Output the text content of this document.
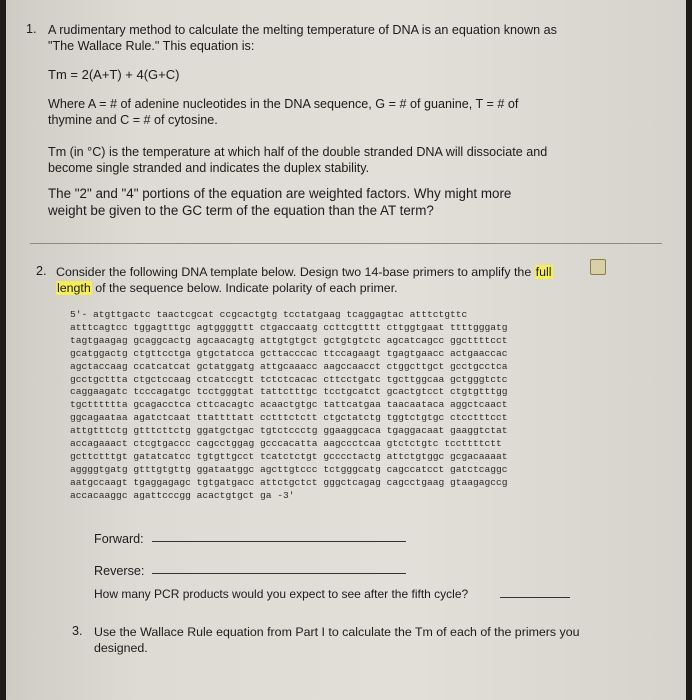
1. A rudimentary method to calculate the melting temperature of DNA is an equation known as
"The Wallace Rule." This equation is:
Tm = 2(A+T) + 4(G+C)
Where A = # of adenine nucleotides in the DNA sequence, G = # of guanine, T = # of
thymine and C = # of cytosine.
Tm (in °C) is the temperature at which half of the double stranded DNA will dissociate and
become single stranded and indicates the duplex stability.
The "2" and "4" portions of the equation are weighted factors. Why might more
weight be given to the GC term of the equation than the AT term?
2. Consider the following DNA template below. Design two 14-base primers to amplify the full
length of the sequence below. Indicate polarity of each primer.
5'- atgttgactc taactcgcat ccgcactgtg tcctatgaag tcaggagtac atttctgttc
atttcagtcc tggagtttgc agtggggttt ctgaccaatg ccttcgtttt cttggtgaat ttttgggatg
tagtgaagag gcaggcactg agcaacagtg attgtgtgct gctgtgtctc agcatcagcc ggcttttcct
gcatggactg ctgttcctga gtgctatcca gcttacccac ttccagaagt tgagtgaacc actgaaccac
agctaccaag ccatcatcat gctatggatg attgcaaacc aagccaacct ctggcttgct gcctgcctca
gcctgcttta ctgctccaag ctcatccgtt tctctcacac cttcctgatc tgcttggcaa gctgggtctc
caggaagatc tcccagatgc tcctgggtat tattctttgc tcctgcatct gcactgtcct ctgtgtttgg
tgctttttta gcagacctca cttcacagtc acaactgtgc tattcatgaa taacaataca aggctcaact
ggcagaataa agatctcaat ttattttatt cctttctctt ctgctatctg tggtctgtgc ctcctttcct
attgtttctg gtttcttctg ggatgctgac tgtctccctg ggaaggcaca tgaggacaat gaaggtctat
accagaaact ctcgtgaccc cagcctggag gcccacatta aagccctcaa gtctctgtc tccttttctt
gcttctttgt gatatcatcc tgtgttgcct tcatctctgt gcccctactg attctgtggc gcgacaaaat
aggggtgatg gtttgtgttg ggataatggc agcttgtccc tctgggcatg cagccatcct gatctcaggc
aatgccaagt tgaggagagc tgtgatgacc attctgctct gggctcagag cagcctgaag gtaagagccg
accacaaggc agattcccgg acactgtgct ga -3'
Forward:
Reverse:
How many PCR products would you expect to see after the fifth cycle?
3. Use the Wallace Rule equation from Part I to calculate the Tm of each of the primers you
designed.
